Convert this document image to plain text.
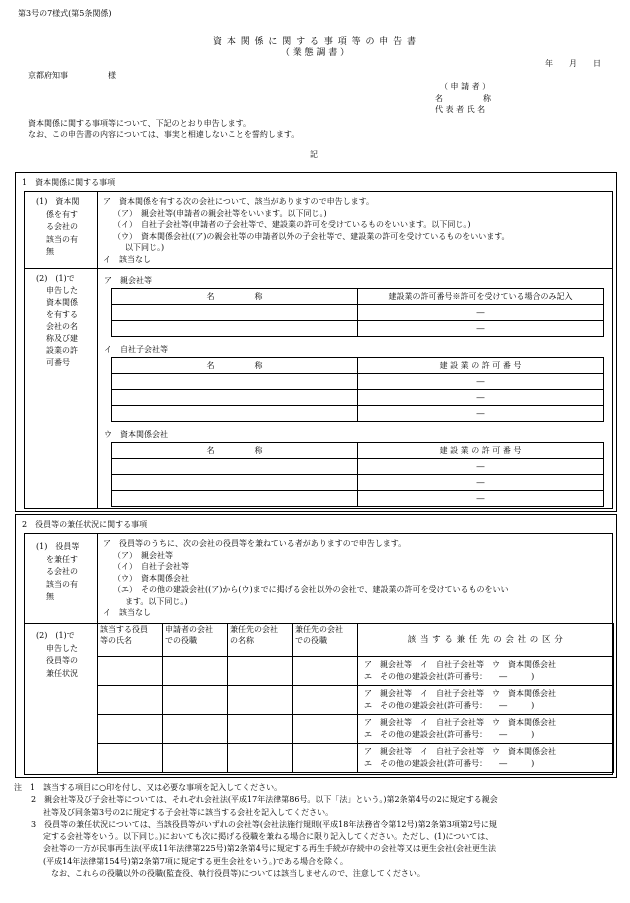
第3号の7様式(第5条関係)
資 本 関 係 に 関 す る 事 項 等 の 申 告 書
（ 業 態 調 書 ）
年　　月　　日
京都府知事　　　　　様
（ 申 請 者 ）
名　　　　　称
代 表 者 氏 名
資本関係に関する事項等について、下記のとおり申告します。
なお、この申告書の内容については、事実と相違しないことを誓約します。
記
1　資本関係に関する事項
(1)　資本関
係を有す
る会社の
該当の有
無
ア　資本関係を有する次の会社について、該当がありますので申告します。
（ア）　親会社等(申請者の親会社等をいいます。以下同じ。)
（イ）　自社子会社等(申請者の子会社等で、建設業の許可を受けているものをいいます。以下同じ。)
（ウ）　資本関係会社((ア)の親会社等の申請者以外の子会社等で、建設業の許可を受けているものをいいます。
以下同じ。)
イ　該当なし
(2)　(1)で
申告した
資本関係
を有する
会社の名
称及び建
設業の許
可番号
ア　親会社等
名　　　　　称	建設業の許可番号※許可を受けている場合のみ記入
	―
	―
イ　自社子会社等
名　　　　　称	建 設 業 の 許 可 番 号
	―
	―
	―
ウ　資本関係会社
名　　　　　称	建 設 業 の 許 可 番 号
	―
	―
	―
2　役員等の兼任状況に関する事項
(1)　役員等
を兼任す
る会社の
該当の有
無
ア　役員等のうちに、次の会社の役員等を兼ねている者がありますので申告します。
（ア）　親会社等
（イ）　自社子会社等
（ウ）　資本関係会社
（エ）　その他の建設会社((ア)から(ウ)までに掲げる会社以外の会社で、建設業の許可を受けているものをいい
ます。以下同じ。)
イ　該当なし
(2)　(1)で
申告した
役員等の
兼任状況
該当する役員
等の氏名	申請者の会社
での役職	兼任先の会社
の名称	兼任先の会社
での役職	該 当 す る 兼 任 先 の 会 社 の 区 分

				ア　親会社等　イ　自社子会社等　ウ　資本関係会社
エ　その他の建設会社(許可番号：　　―　　　)

				ア　親会社等　イ　自社子会社等　ウ　資本関係会社
エ　その他の建設会社(許可番号：　　―　　　)

				ア　親会社等　イ　自社子会社等　ウ　資本関係会社
エ　その他の建設会社(許可番号：　　―　　　)

				ア　親会社等　イ　自社子会社等　ウ　資本関係会社
エ　その他の建設会社(許可番号：　　―　　　)
注　1　該当する項目に○印を付し、又は必要な事項を記入してください。
2　親会社等及び子会社等については、それぞれ会社法(平成17年法律第86号。以下「法」という。)第2条第4号の2に規定する親会
社等及び同条第3号の2に規定する子会社等に該当する会社を記入してください。
3　役員等の兼任状況については、当該役員等がいずれの会社等(会社法施行規則(平成18年法務省令第12号)第2条第3項第2号に規
定する会社等をいう。以下同じ。)においても次に掲げる役職を兼ねる場合に限り記入してください。ただし、(1)については、
会社等の一方が民事再生法(平成11年法律第225号)第2条第4号に規定する再生手続が存続中の会社等又は更生会社(会社更生法
(平成14年法律第154号)第2条第7項に規定する更生会社をいう。)である場合を除く。
なお、これらの役職以外の役職(監査役、執行役員等)については該当しませんので、注意してください。
